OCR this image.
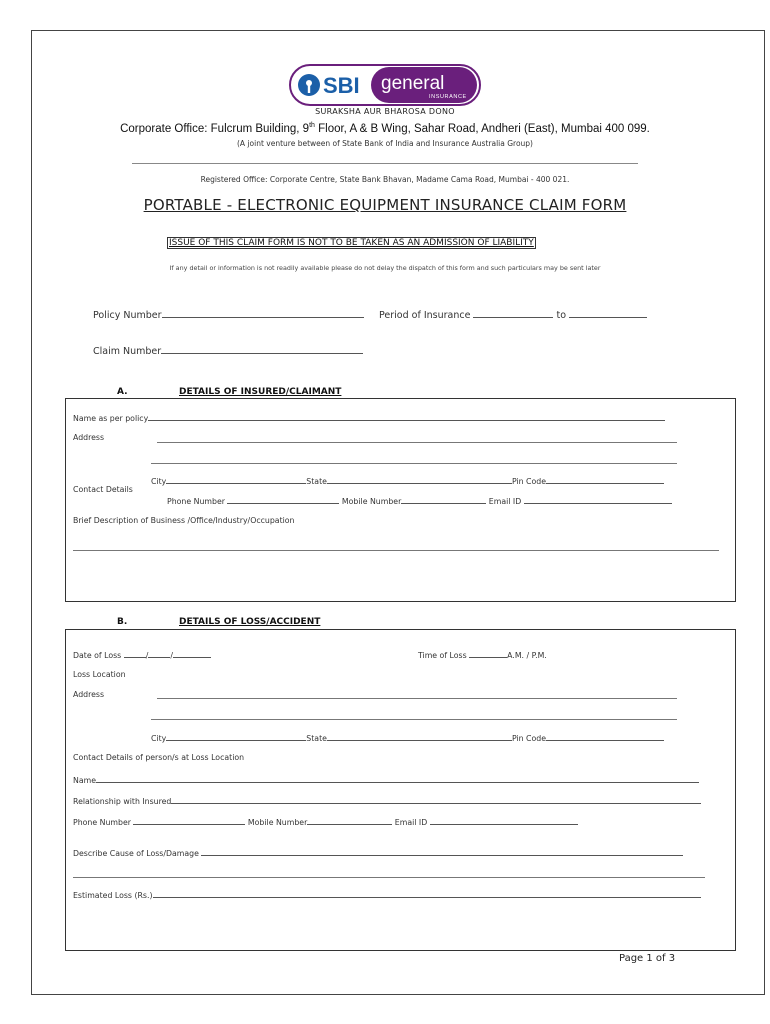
SBI general
INSURANCE
SURAKSHA AUR BHAROSA DONO
Corporate Office: Fulcrum Building, 9th Floor, A & B Wing, Sahar Road, Andheri (East), Mumbai 400 099.
(A joint venture between of State Bank of India and Insurance Australia Group)
Registered Office: Corporate Centre, State Bank Bhavan, Madame Cama Road, Mumbai - 400 021.
PORTABLE - ELECTRONIC EQUIPMENT INSURANCE CLAIM FORM
ISSUE OF THIS CLAIM FORM IS NOT TO BE TAKEN AS AN ADMISSION OF LIABILITY
If any detail or information is not readily available please do not delay the dispatch of this form and such particulars may be sent later
Policy Number	Period of Insurance	to
Claim Number
A.	DETAILS OF INSURED/CLAIMANT
Name as per policy
Address
City	State	Pin Code
Contact Details
Phone Number	Mobile Number	Email ID
Brief Description of Business /Office/Industry/Occupation
B.	DETAILS OF LOSS/ACCIDENT
Date of Loss	/	/	Time of Loss	A.M. / P.M.
Loss Location
Address
City	State	Pin Code
Contact Details of person/s at Loss Location
Name
Relationship with Insured
Phone Number	Mobile Number	Email ID
Describe Cause of Loss/Damage
Estimated Loss (Rs.)
Page 1 of 3
